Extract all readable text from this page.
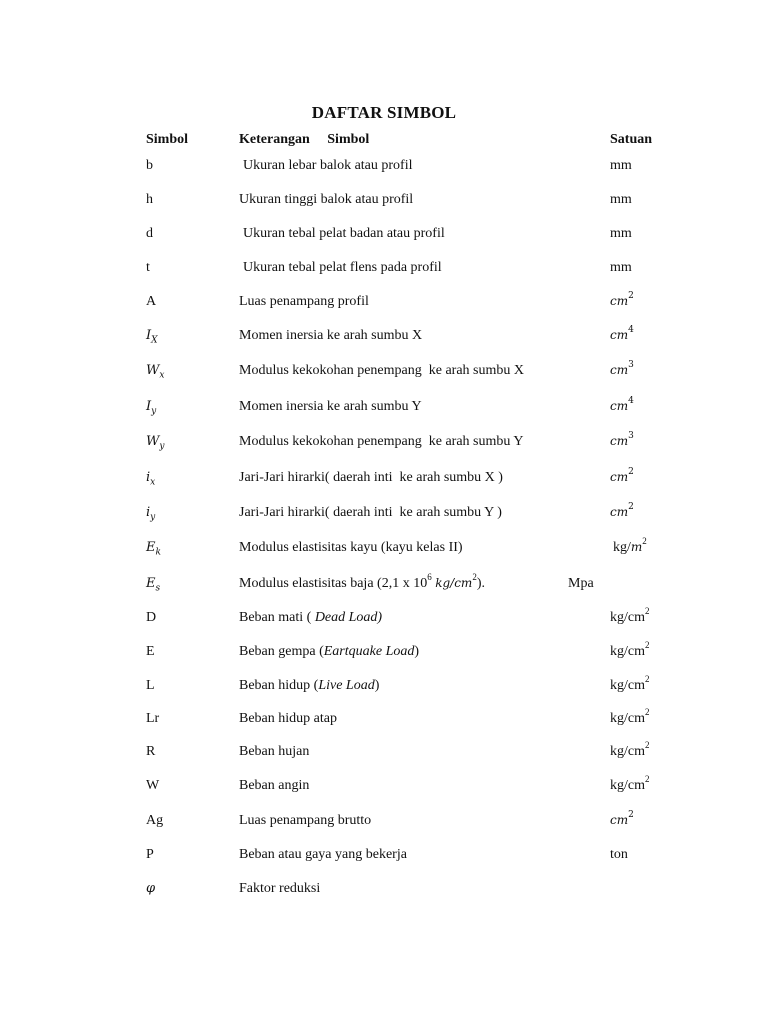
DAFTAR SIMBOL
Simbol	Keterangan     Simbol	Satuan
b	Ukuran lebar balok atau profil	mm
h	Ukuran tinggi balok atau profil	mm
d	Ukuran tebal pelat badan atau profil	mm
t	Ukuran tebal pelat flens pada profil	mm
A	Luas penampang profil	$cm^2$
$I_X$	Momen inersia ke arah sumbu X	$cm^4$
$W_x$	Modulus kekokohan penempang  ke arah sumbu X	$cm^3$
$I_y$	Momen inersia ke arah sumbu Y	$cm^4$
$W_y$	Modulus kekokohan penempang  ke arah sumbu Y	$cm^3$
$i_x$	Jari-Jari hirarki( daerah inti  ke arah sumbu X )	$cm^2$
$i_y$	Jari-Jari hirarki( daerah inti  ke arah sumbu Y )	$cm^2$
$E_k$	Modulus elastisitas kayu (kayu kelas II)	$kg/m^2$
$E_s$	Modulus elastisitas baja (2,1 x $10^6$ $kg/cm^2$).	Mpa
D	Beban mati ( Dead Load)	$kg/cm^2$
E	Beban gempa (Eartquake Load)	$kg/cm^2$
L	Beban hidup (Live Load)	$kg/cm^2$
Lr	Beban hidup atap	$kg/cm^2$
R	Beban hujan	$kg/cm^2$
W	Beban angin	$kg/cm^2$
Ag	Luas penampang brutto	$cm^2$
P	Beban atau gaya yang bekerja	ton
φ	Faktor reduksi
